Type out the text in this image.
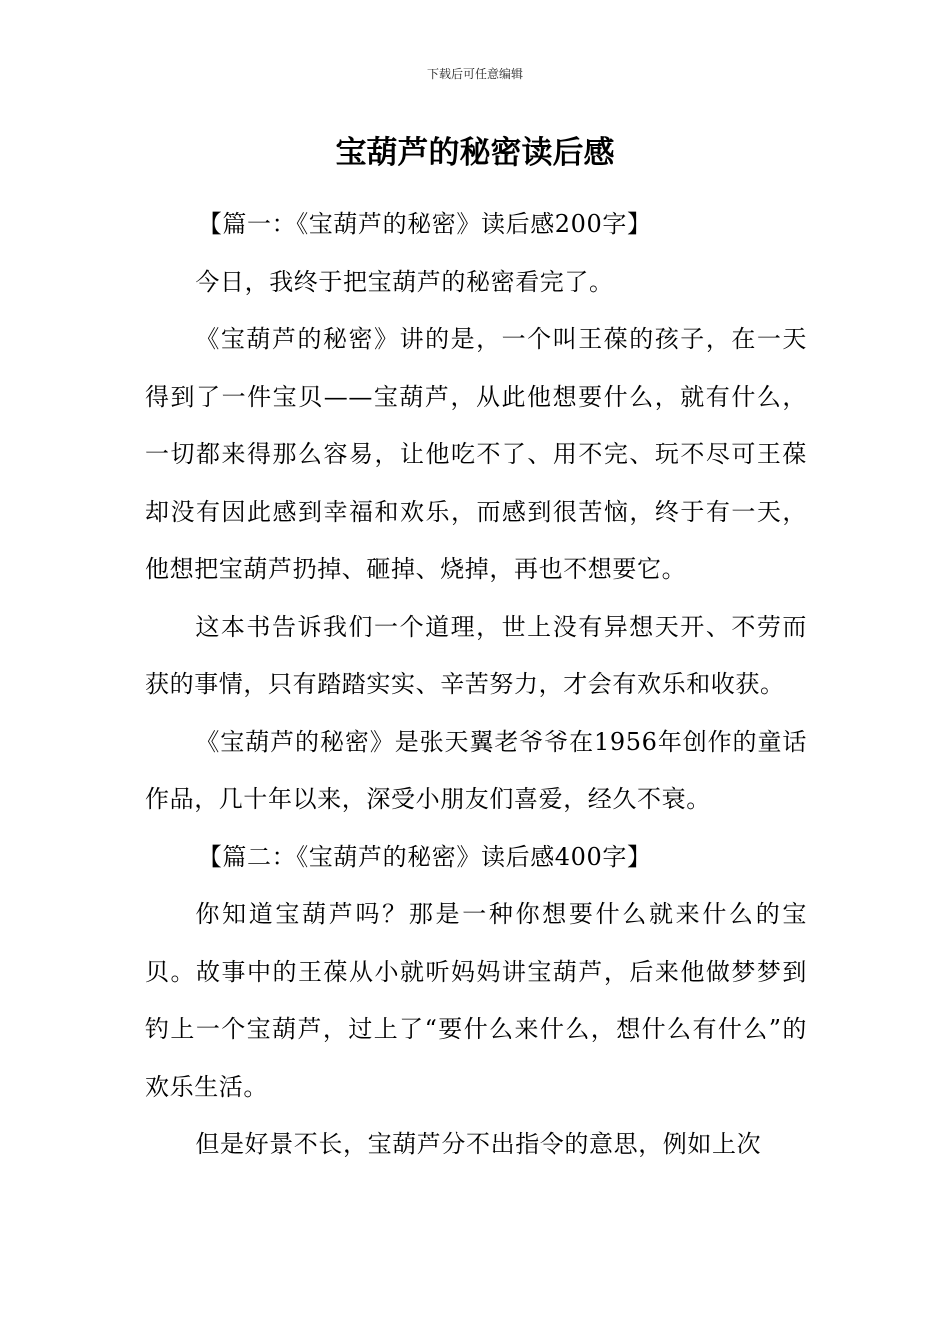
下载后可任意编辑
宝葫芦的秘密读后感

【篇一：《宝葫芦的秘密》读后感200字】

今日，我终于把宝葫芦的秘密看完了。

《宝葫芦的秘密》讲的是，一个叫王葆的孩子，在一天得到了一件宝贝——宝葫芦，从此他想要什么，就有什么，一切都来得那么容易，让他吃不了、用不完、玩不尽可王葆却没有因此感到幸福和欢乐，而感到很苦恼，终于有一天，他想把宝葫芦扔掉、砸掉、烧掉，再也不想要它。

这本书告诉我们一个道理，世上没有异想天开、不劳而获的事情，只有踏踏实实、辛苦努力，才会有欢乐和收获。

《宝葫芦的秘密》是张天翼老爷爷在1956年创作的童话作品，几十年以来，深受小朋友们喜爱，经久不衰。

【篇二：《宝葫芦的秘密》读后感400字】

你知道宝葫芦吗？那是一种你想要什么就来什么的宝贝。故事中的王葆从小就听妈妈讲宝葫芦，后来他做梦梦到钓上一个宝葫芦，过上了“要什么来什么，想什么有什么”的欢乐生活。

但是好景不长，宝葫芦分不出指令的意思，例如上次
